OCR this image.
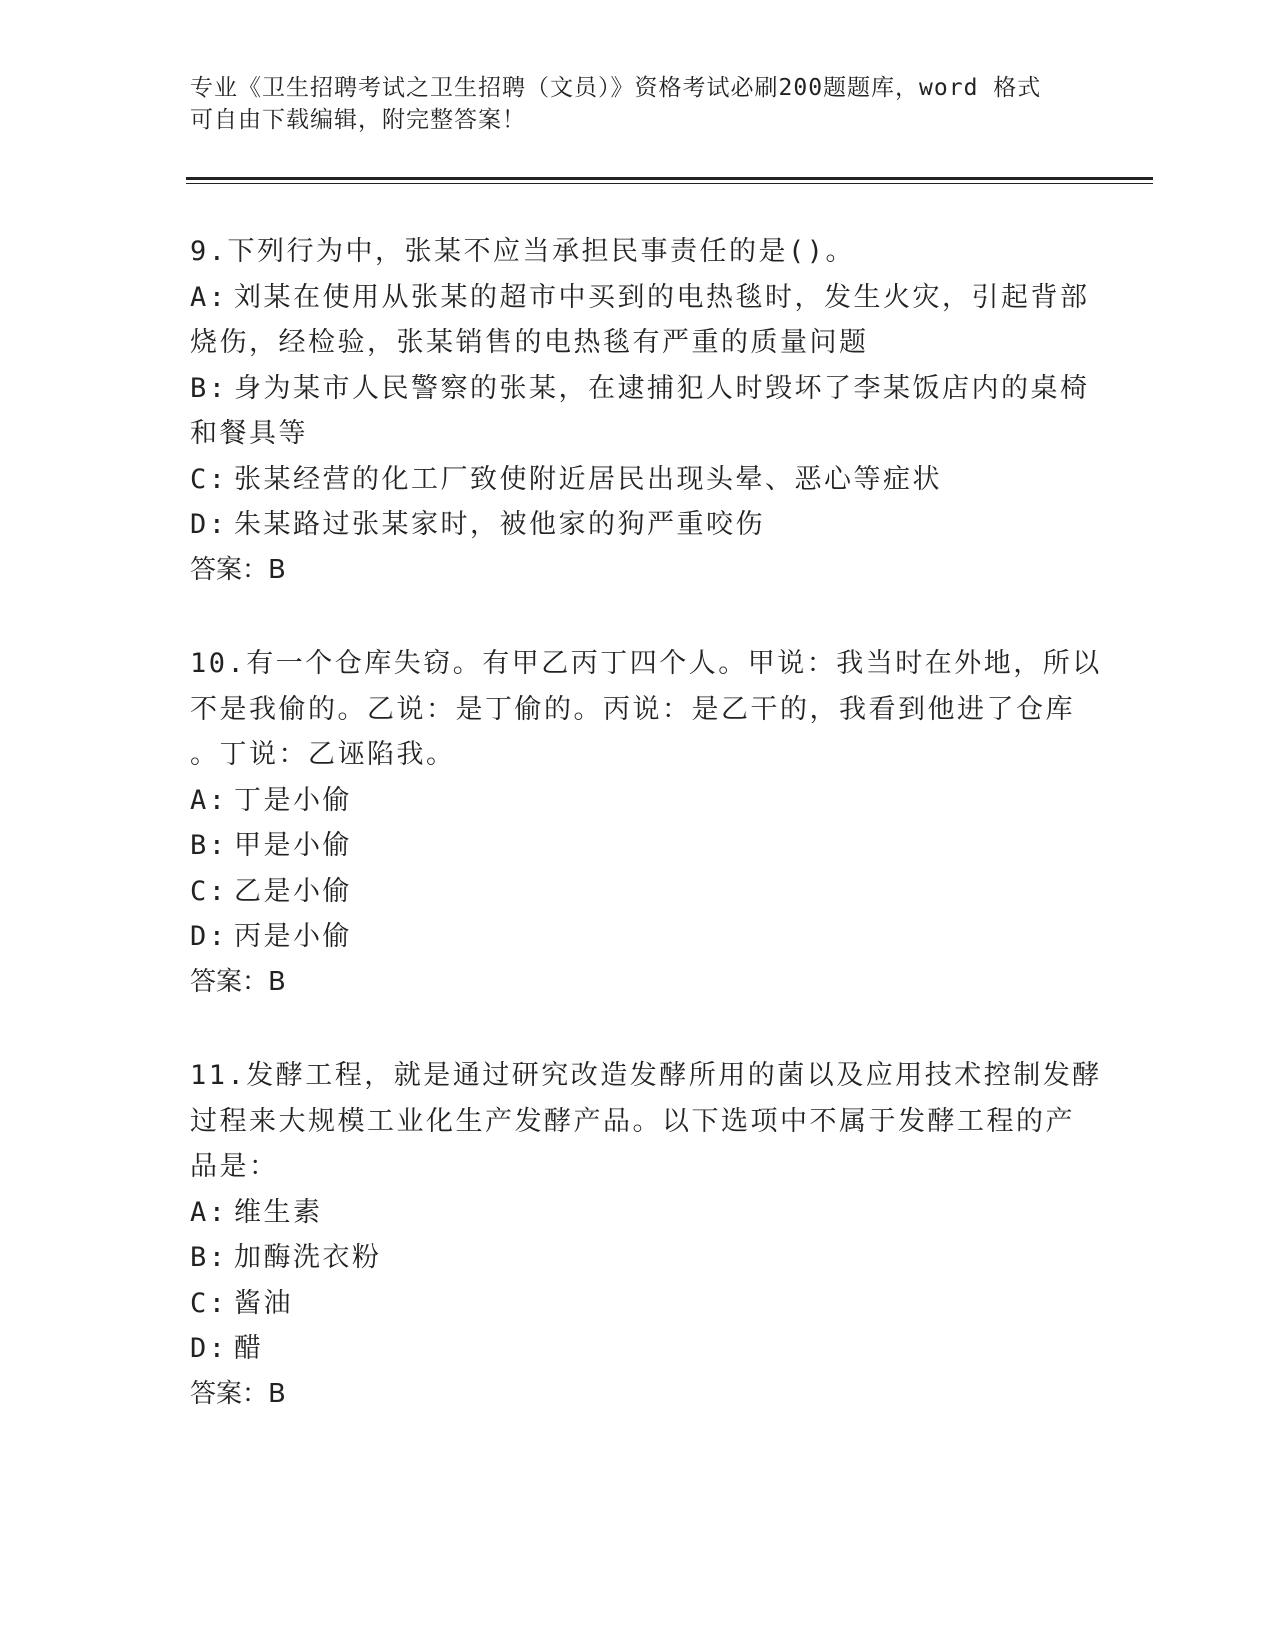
专业《卫生招聘考试之卫生招聘（文员）》资格考试必刷200题题库，word 格式
可自由下载编辑，附完整答案！
9.下列行为中，张某不应当承担民事责任的是()。
A: 刘某在使用从张某的超市中买到的电热毯时，发生火灾，引起背部
烧伤，经检验，张某销售的电热毯有严重的质量问题
B: 身为某市人民警察的张某，在逮捕犯人时毁坏了李某饭店内的桌椅
和餐具等
C: 张某经营的化工厂致使附近居民出现头晕、恶心等症状
D: 朱某路过张某家时，被他家的狗严重咬伤
答案：B
10.有一个仓库失窃。有甲乙丙丁四个人。甲说：我当时在外地，所以
不是我偷的。乙说：是丁偷的。丙说：是乙干的，我看到他进了仓库
。丁说：乙诬陷我。
A: 丁是小偷
B: 甲是小偷
C: 乙是小偷
D: 丙是小偷
答案：B
11.发酵工程，就是通过研究改造发酵所用的菌以及应用技术控制发酵
过程来大规模工业化生产发酵产品。以下选项中不属于发酵工程的产
品是：
A: 维生素
B: 加酶洗衣粉
C: 酱油
D: 醋
答案：B
